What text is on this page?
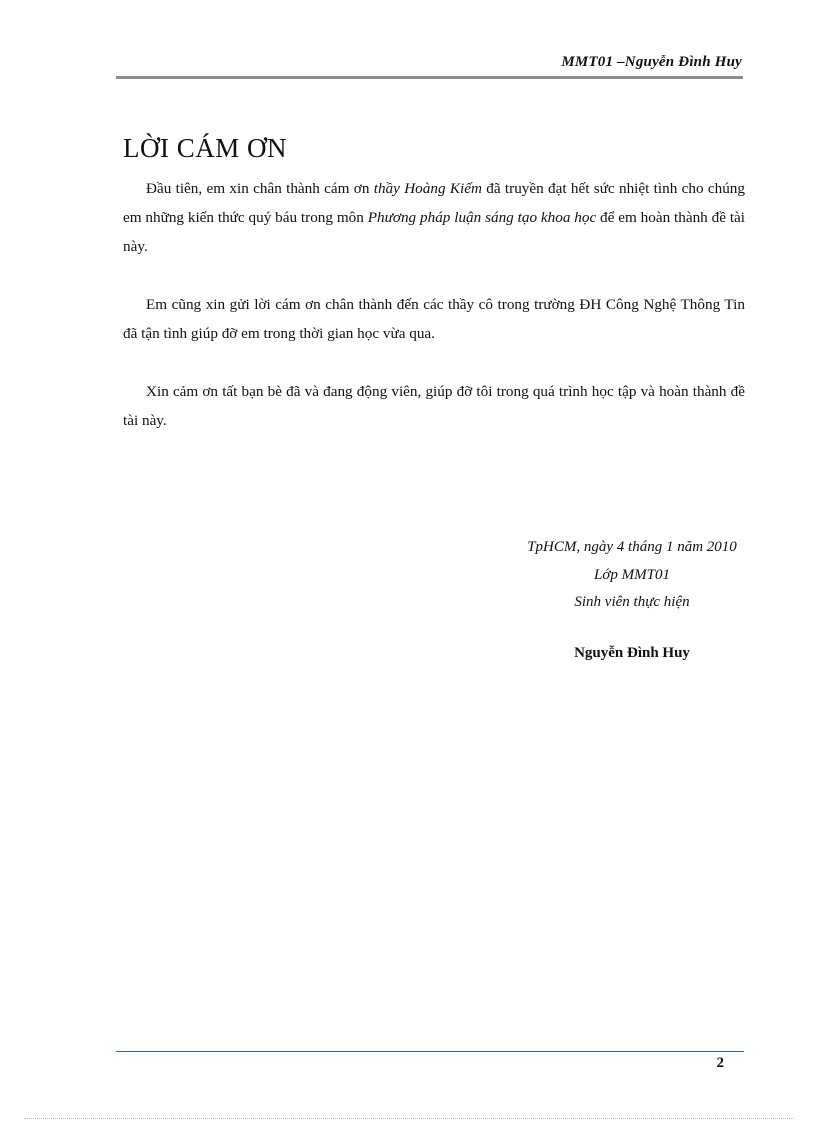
MMT01 –Nguyễn Đình Huy
LỜI CÁM ƠN

Đầu tiên, em xin chân thành cám ơn thầy Hoàng Kiếm đã truyền đạt hết sức nhiệt tình cho chúng em những kiến thức quý báu trong môn Phương pháp luận sáng tạo khoa học để em hoàn thành đề tài này.

Em cũng xin gửi lời cám ơn chân thành đến các thầy cô trong trường ĐH Công Nghệ Thông Tin đã tận tình giúp đỡ em trong thời gian học vừa qua.

Xin cảm ơn tất bạn bè đã và đang động viên, giúp đỡ tôi trong quá trình học tập và hoàn thành đề tài này.

TpHCM, ngày 4 tháng 1 năm 2010
Lớp MMT01
Sinh viên thực hiện
Nguyễn Đình Huy
2
